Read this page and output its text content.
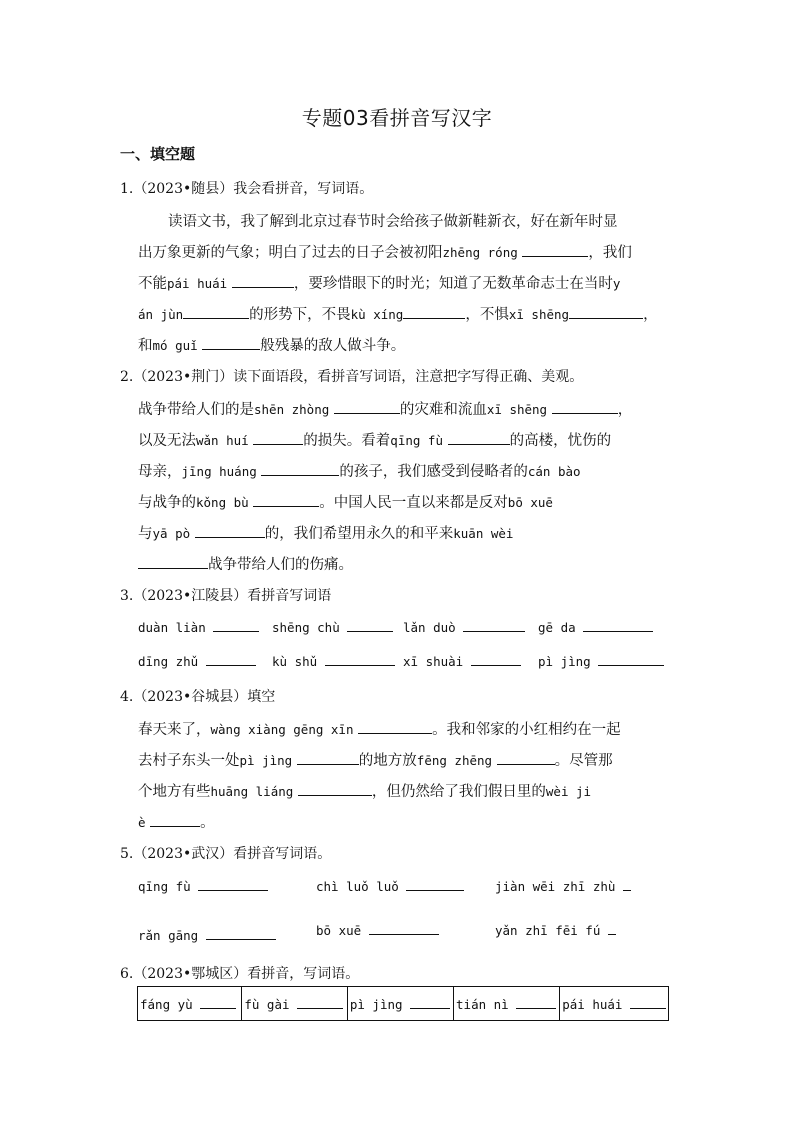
专题03看拼音写汉字
一、填空题
1.（2023•随县）我会看拼音，写词语。
读语文书，我了解到北京过春节时会给孩子做新鞋新衣，好在新年时显
出万象更新的气象；明白了过去的日子会被初阳zhēng róng	，我们
不能pái huái	，要珍惜眼下的时光；知道了无数革命志士在当时y
án jùn	的形势下，不畏kù xíng	，不惧xī shēng	，
和mó guǐ	般残暴的敌人做斗争。
2.（2023•荆门）读下面语段，看拼音写词语，注意把字写得正确、美观。
战争带给人们的是shēn zhòng	的灾难和流血xī shēng	，
以及无法wǎn huí	的损失。看着qīng fù	的高楼，忧伤的
母亲，jīng huáng	的孩子，我们感受到侵略者的cán bào
与战争的kǒng bù	。中国人民一直以来都是反对bō xuē
与yā pò	的，我们希望用永久的和平来kuān wèi
战争带给人们的伤痛。
3.（2023•江陵县）看拼音写词语
duàn liàn	shēng chù	lǎn duò	gē da
dīng zhǔ	kù shǔ	xī shuài	pì jìng
4.（2023•谷城县）填空
春天来了，wàng xiàng gēng xīn	。我和邻家的小红相约在一起
去村子东头一处pì jìng	的地方放fēng zhēng	。尽管那
个地方有些huāng liáng	，但仍然给了我们假日里的wèi ji
è	。
5.（2023•武汉）看拼音写词语。
qīng fù	chì luǒ luǒ	jiàn wēi zhī zhù
rǎn gāng	bō xuē	yǎn zhī fēi fú
6.（2023•鄂城区）看拼音，写词语。
fáng yù	fù gài	pì jìng	tián nì	pái huái
